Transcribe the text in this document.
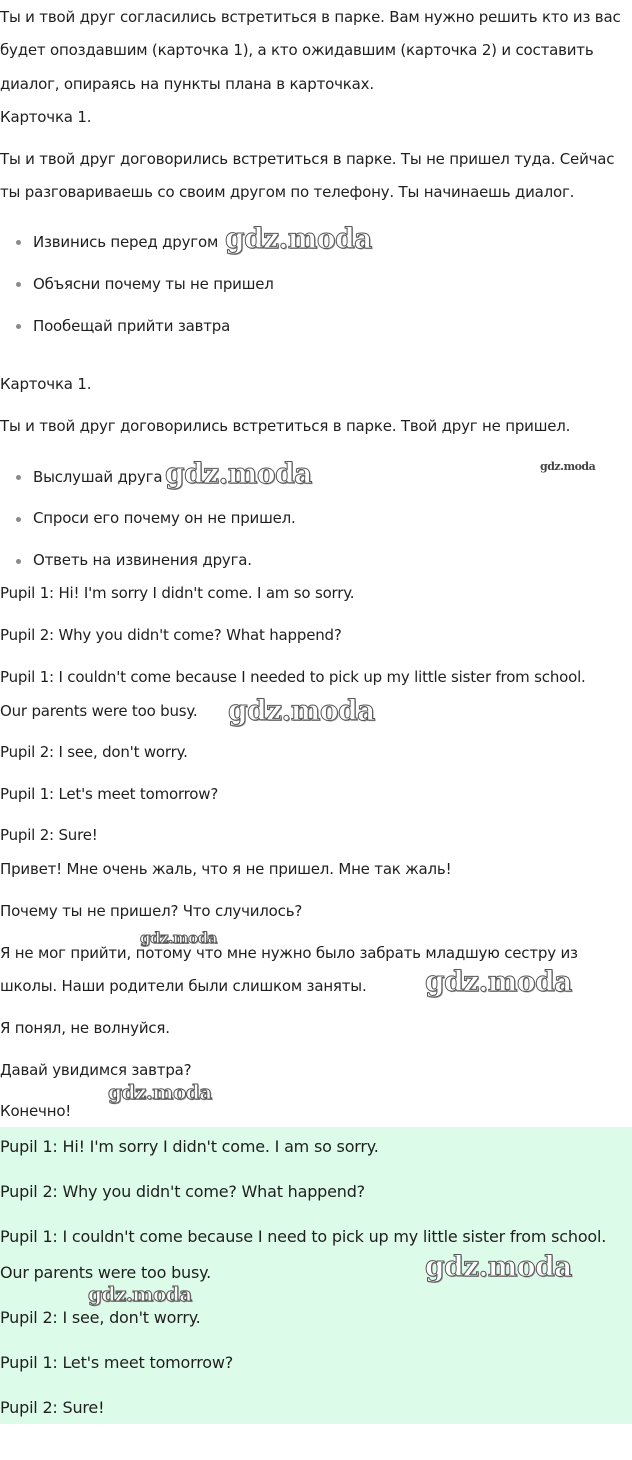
Ты и твой друг согласились встретиться в парке. Вам нужно решить кто из вас
будет опоздавшим (карточка 1), а кто ожидавшим (карточка 2) и составить
диалог, опираясь на пункты плана в карточках.
Карточка 1.
Ты и твой друг договорились встретиться в парке. Ты не пришел туда. Сейчас
ты разговариваешь со своим другом по телефону. Ты начинаешь диалог.
Извинись перед другом
Объясни почему ты не пришел
Пообещай прийти завтра
Карточка 1.
Ты и твой друг договорились встретиться в парке. Твой друг не пришел.
Выслушай друга
Спроси его почему он не пришел.
Ответь на извинения друга.
Pupil 1: Hi! I'm sorry I didn't come. I am so sorry.
Pupil 2: Why you didn't come? What happend?
Pupil 1: I couldn't come because I needed to pick up my little sister from school.
Our parents were too busy.
Pupil 2: I see, don't worry.
Pupil 1: Let's meet tomorrow?
Pupil 2: Sure!
Привет! Мне очень жаль, что я не пришел. Мне так жаль!
Почему ты не пришел? Что случилось?
Я не мог прийти, потому что мне нужно было забрать младшую сестру из
школы. Наши родители были слишком заняты.
Я понял, не волнуйся.
Давай увидимся завтра?
Конечно!
Pupil 1: Hi! I'm sorry I didn't come. I am so sorry.
Pupil 2: Why you didn't come? What happend?
Pupil 1: I couldn't come because I need to pick up my little sister from school.
Our parents were too busy.
Pupil 2: I see, don't worry.
Pupil 1: Let's meet tomorrow?
Pupil 2: Sure!
gdz.moda
gdz.moda	gdz.moda
gdz.moda
gdz.moda
gdz.moda
gdz.moda
gdz.moda
gdz.moda
